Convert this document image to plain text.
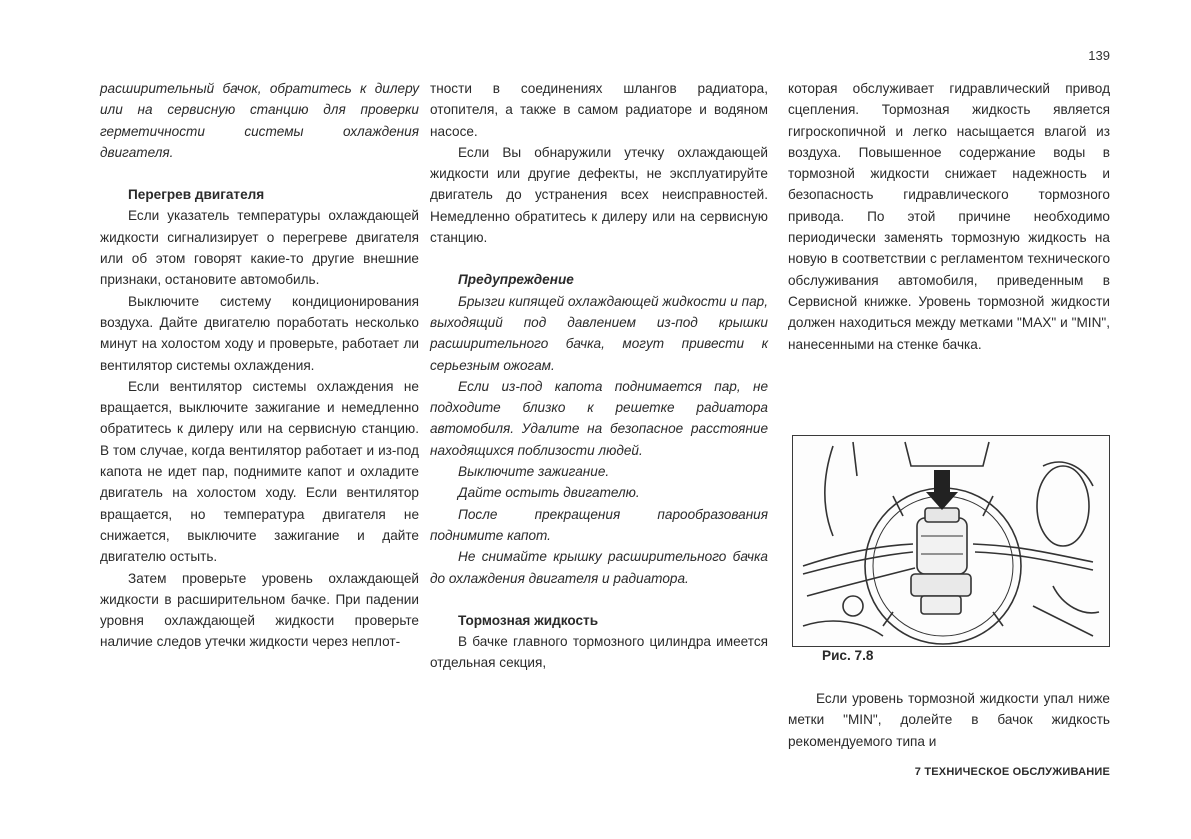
139

расширительный бачок, обратитесь к дилеру или на сервисную станцию для проверки герметичности системы охлаждения двигателя.

Перегрев двигателя

Если указатель температуры охлаждающей жидкости сигнализирует о перегреве двигателя или об этом говорят какие-то другие внешние признаки, остановите автомобиль.

Выключите систему кондиционирования воздуха. Дайте двигателю поработать несколько минут на холостом ходу и проверьте, работает ли вентилятор системы охлаждения.

Если вентилятор системы охлаждения не вращается, выключите зажигание и немедленно обратитесь к дилеру или на сервисную станцию. В том случае, когда вентилятор работает и из-под капота не идет пар, поднимите капот и охладите двигатель на холостом ходу. Если вентилятор вращается, но температура двигателя не снижается, выключите зажигание и дайте двигателю остыть.

Затем проверьте уровень охлаждающей жидкости в расширительном бачке. При падении уровня охлаждающей жидкости проверьте наличие следов утечки жидкости через неплот-

тности в соединениях шлангов радиатора, отопителя, а также в самом радиаторе и водяном насосе.

Если Вы обнаружили утечку охлаждающей жидкости или другие дефекты, не эксплуатируйте двигатель до устранения всех неисправностей. Немедленно обратитесь к дилеру или на сервисную станцию.

Предупреждение

Брызги кипящей охлаждающей жидкости и пар, выходящий под давлением из-под крышки расширительного бачка, могут привести к серьезным ожогам.

Если из-под капота поднимается пар, не подходите близко к решетке радиатора автомобиля. Удалите на безопасное расстояние находящихся поблизости людей.

Выключите зажигание.

Дайте остыть двигателю.

После прекращения парообразования поднимите капот.

Не снимайте крышку расширительного бачка до охлаждения двигателя и радиатора.

Тормозная жидкость

В бачке главного тормозного цилиндра имеется отдельная секция,

которая обслуживает гидравлический привод сцепления. Тормозная жидкость является гигроскопичной и легко насыщается влагой из воздуха. Повышенное содержание воды в тормозной жидкости снижает надежность и безопасность гидравлического тормозного привода. По этой причине необходимо периодически заменять тормозную жидкость на новую в соответствии с регламентом технического обслуживания автомобиля, приведенным в Сервисной книжке. Уровень тормозной жидкости должен находиться между метками "MAX" и "MIN", нанесенными на стенке бачка.

Рис. 7.8

Если уровень тормозной жидкости упал ниже метки "MIN", долейте в бачок жидкость рекомендуемого типа и

7 ТЕХНИЧЕСКОЕ ОБСЛУЖИВАНИЕ
